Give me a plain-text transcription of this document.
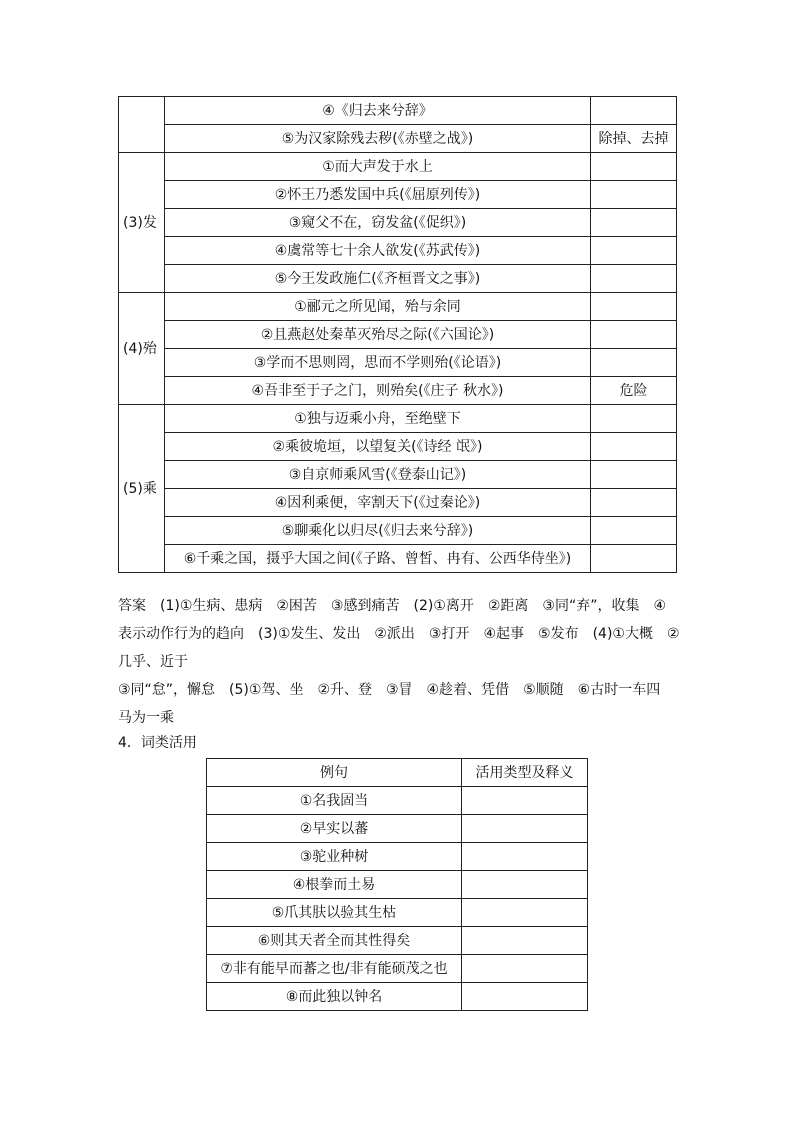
	④《归去来兮辞》	
	⑤为汉家除残去秽(《赤壁之战》)	除掉、去掉
(3)发	①而大声发于水上	
	②怀王乃悉发国中兵(《屈原列传》)	
	③窥父不在，窃发盆(《促织》)	
	④虞常等七十余人欲发(《苏武传》)	
	⑤今王发政施仁(《齐桓晋文之事》)	
(4)殆	①郦元之所见闻，殆与余同	
	②且燕赵处秦革灭殆尽之际(《六国论》)	
	③学而不思则罔，思而不学则殆(《论语》)	
	④吾非至于子之门，则殆矣(《庄子 秋水》)	危险
(5)乘	①独与迈乘小舟，至绝壁下	
	②乘彼垝垣，以望复关(《诗经 氓》)	
	③自京师乘风雪(《登泰山记》)	
	④因利乘便，宰割天下(《过秦论》)	
	⑤聊乘化以归尽(《归去来兮辞》)	
	⑥千乘之国，摄乎大国之间(《子路、曾皙、冉有、公西华侍坐》)	

答案　(1)①生病、患病　②困苦　③感到痛苦　(2)①离开　②距离　③同“弃”，收集　④

表示动作行为的趋向　(3)①发生、发出　②派出　③打开　④起事　⑤发布　(4)①大概　②

几乎、近于

③同“怠”，懈怠　(5)①驾、坐　②升、登　③冒　④趁着、凭借　⑤顺随　⑥古时一车四

马为一乘

4．词类活用

例句	活用类型及释义
①名我固当	
②早实以蕃	
③驼业种树	
④根拳而土易	
⑤爪其肤以验其生枯	
⑥则其天者全而其性得矣	
⑦非有能早而蕃之也/非有能硕茂之也	
⑧而此独以钟名	
